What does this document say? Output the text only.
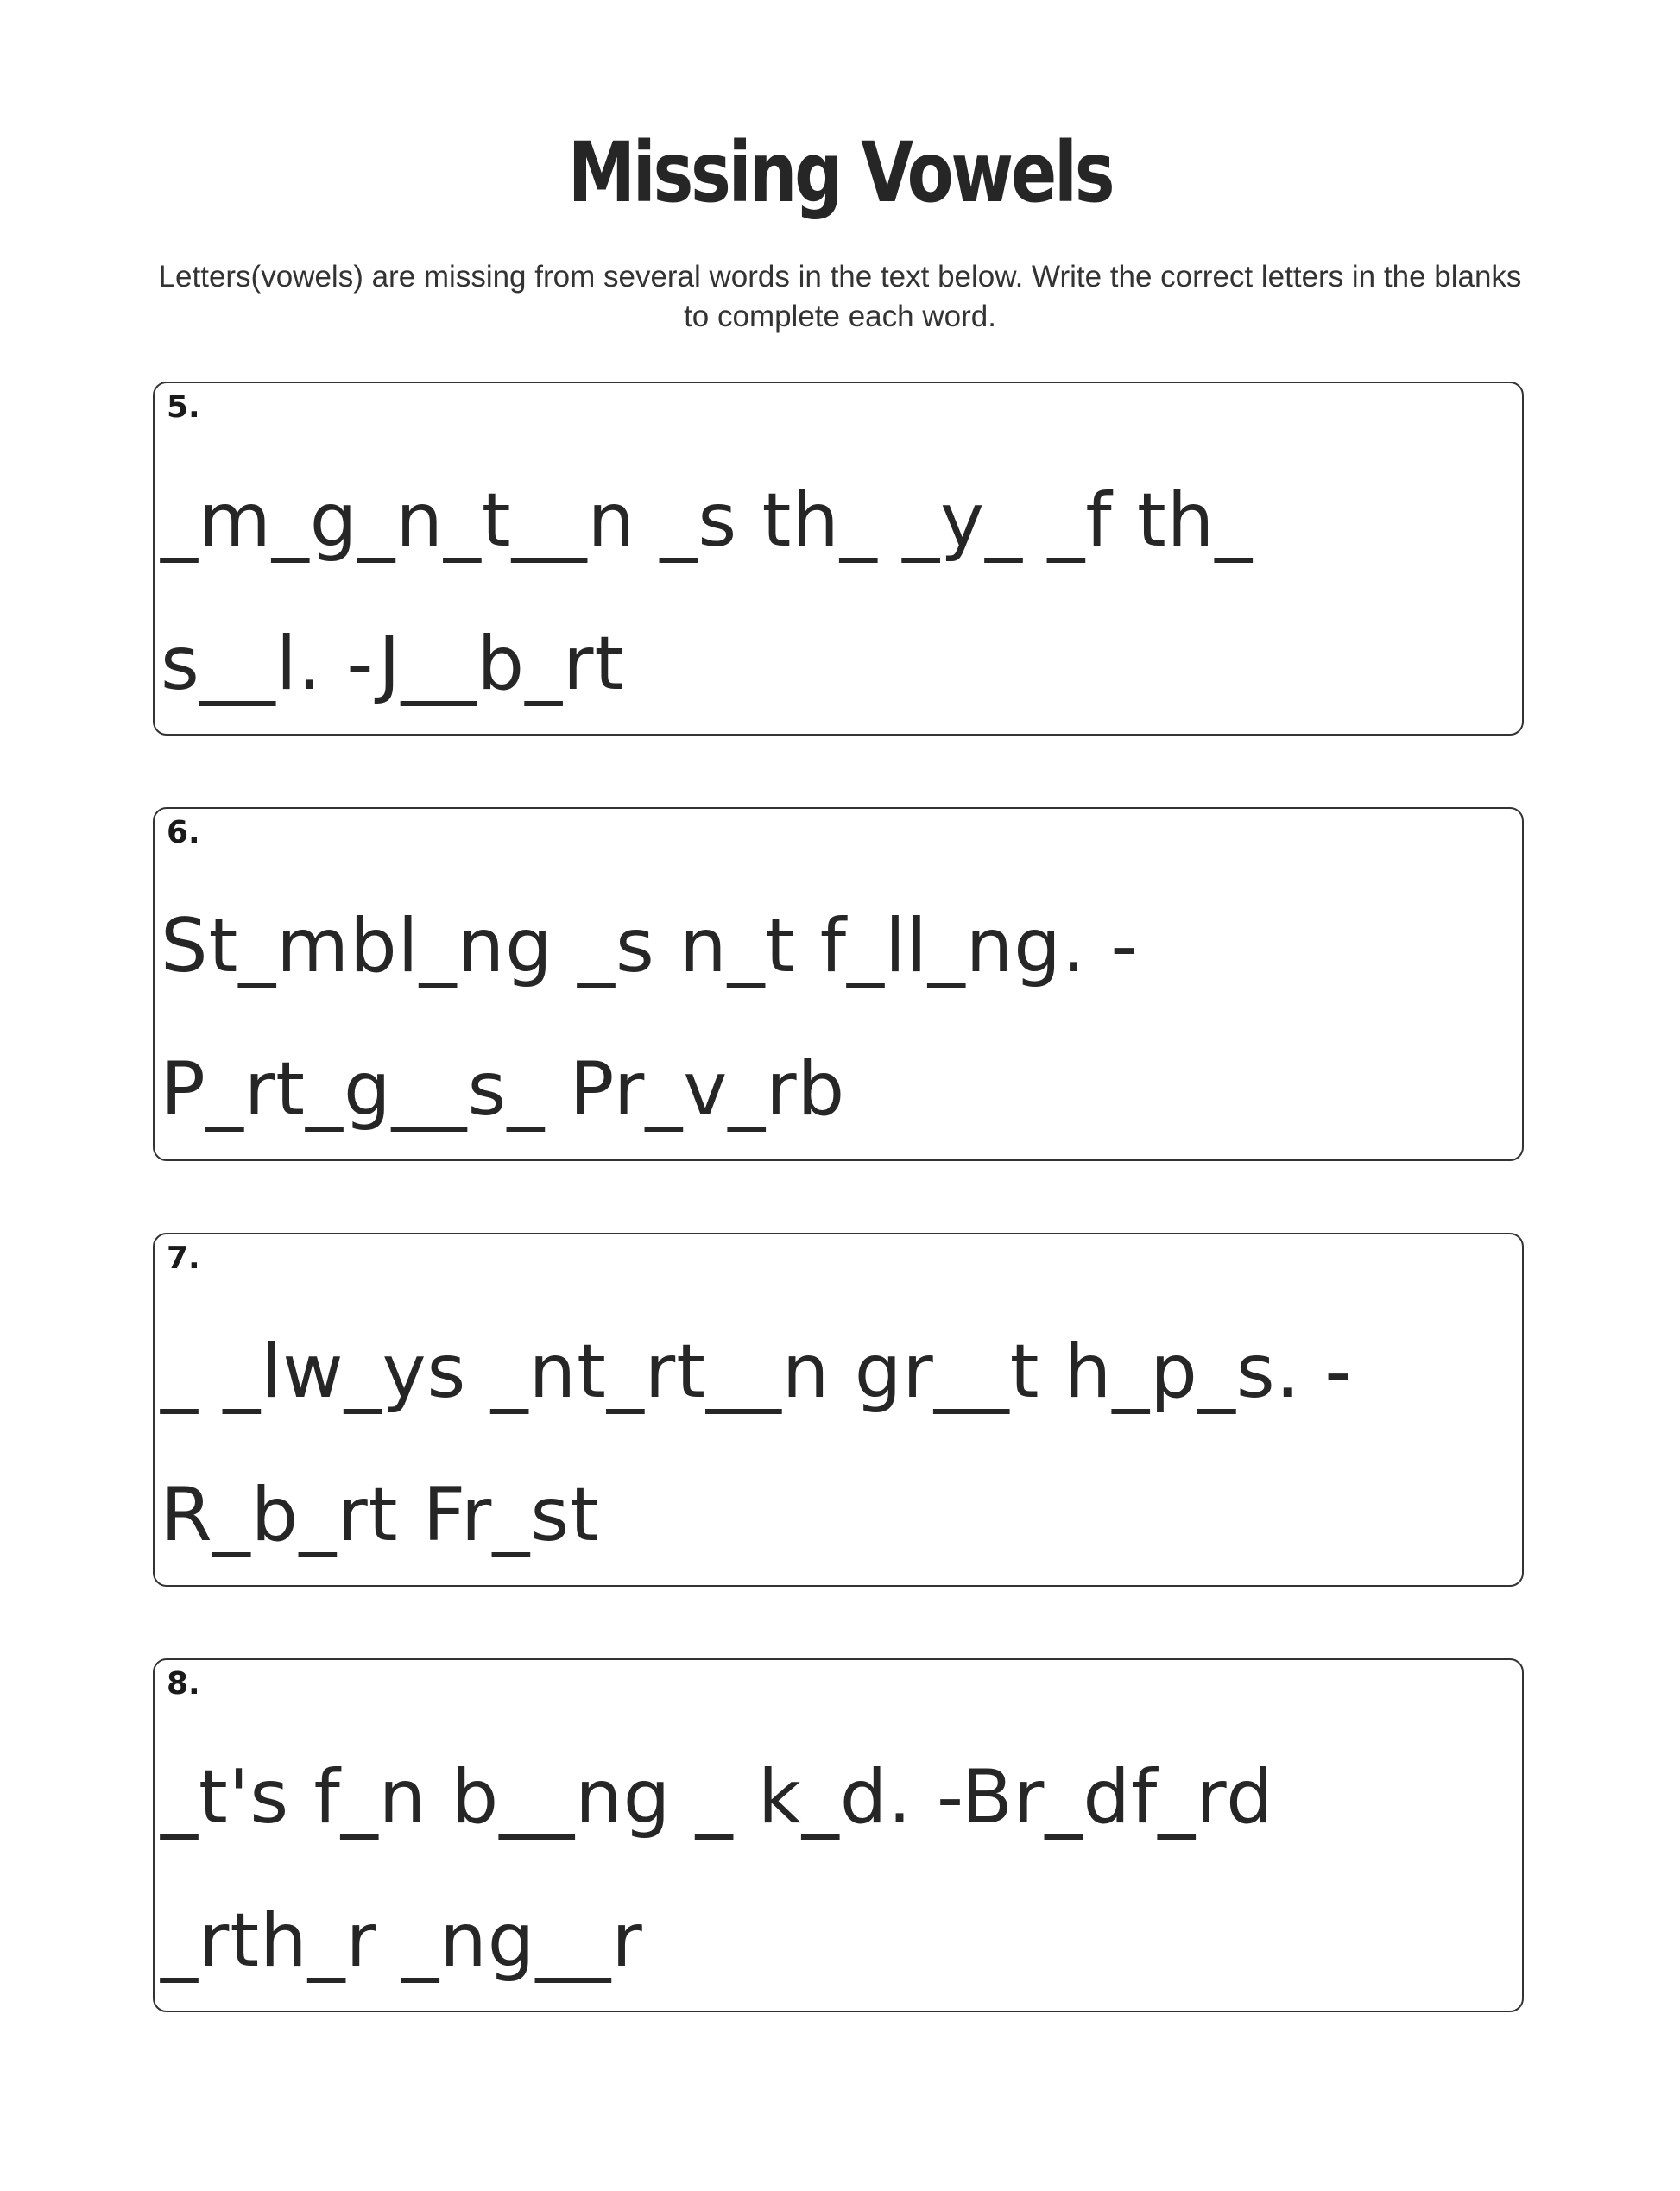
Missing Vowels
Letters(vowels) are missing from several words in the text below. Write the correct letters in the blanks to complete each word.
5.
_m_g_n_t__n _s th_ _y_ _f th_
s__l. -J__b_rt
6.
St_mbl_ng _s n_t f_ll_ng. -
P_rt_g__s_ Pr_v_rb
7.
_ _lw_ys _nt_rt__n gr__t h_p_s. -
R_b_rt Fr_st
8.
_t's f_n b__ng _ k_d. -Br_df_rd
_rth_r _ng__r
